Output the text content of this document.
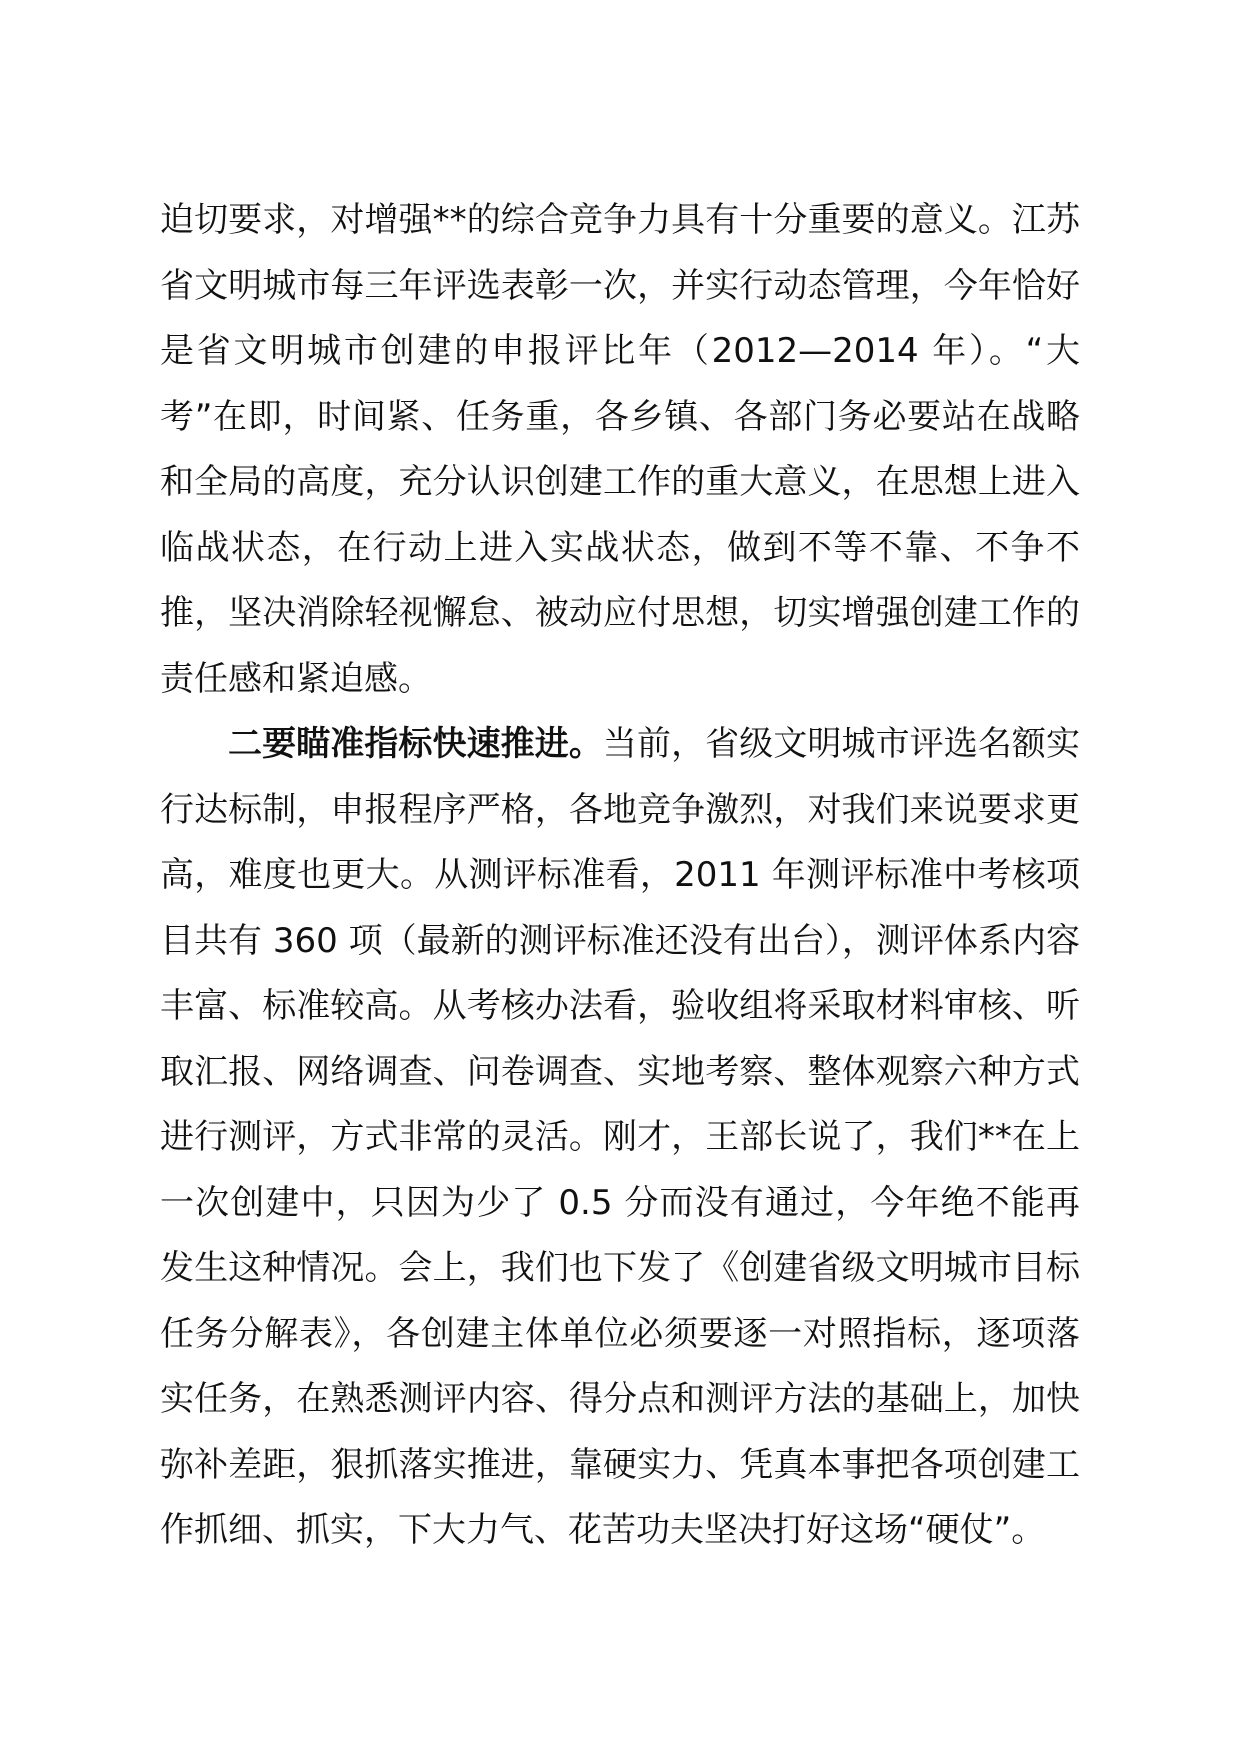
迫切要求，对增强**的综合竞争力具有十分重要的意义。江苏省文明城市每三年评选表彰一次，并实行动态管理，今年恰好是省文明城市创建的申报评比年（2012—2014 年）。“大考”在即，时间紧、任务重，各乡镇、各部门务必要站在战略和全局的高度，充分认识创建工作的重大意义，在思想上进入临战状态，在行动上进入实战状态，做到不等不靠、不争不推，坚决消除轻视懈怠、被动应付思想，切实增强创建工作的责任感和紧迫感。

二要瞄准指标快速推进。当前，省级文明城市评选名额实行达标制，申报程序严格，各地竞争激烈，对我们来说要求更高，难度也更大。从测评标准看，2011 年测评标准中考核项目共有 360 项（最新的测评标准还没有出台），测评体系内容丰富、标准较高。从考核办法看，验收组将采取材料审核、听取汇报、网络调查、问卷调查、实地考察、整体观察六种方式进行测评，方式非常的灵活。刚才，王部长说了，我们**在上一次创建中，只因为少了 0.5 分而没有通过，今年绝不能再发生这种情况。会上，我们也下发了《创建省级文明城市目标任务分解表》，各创建主体单位必须要逐一对照指标，逐项落实任务，在熟悉测评内容、得分点和测评方法的基础上，加快弥补差距，狠抓落实推进，靠硬实力、凭真本事把各项创建工作抓细、抓实，下大力气、花苦功夫坚决打好这场“硬仗”。
